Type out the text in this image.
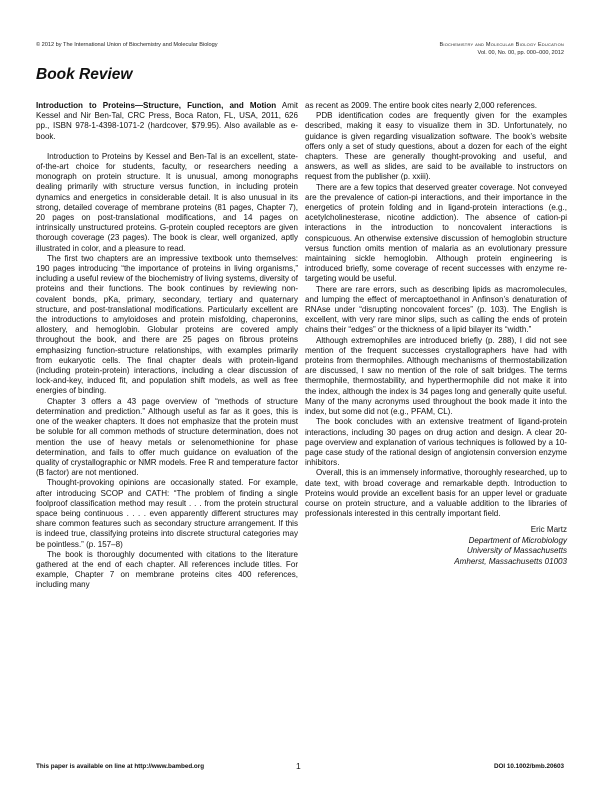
© 2012 by The International Union of Biochemistry and Molecular Biology	Biochemistry and Molecular Biology Education
Vol. 00, No. 00, pp. 000–000, 2012
Book Review

Introduction to Proteins—Structure, Function, and Motion Amit Kessel and Nir Ben-Tal, CRC Press, Boca Raton, FL, USA, 2011, 626 pp., ISBN 978-1-4398-1071-2 (hardcover, $79.95). Also available as e-book.

Introduction to Proteins by Kessel and Ben-Tal is an excellent, state-of-the-art choice for students, faculty, or researchers needing a monograph on protein structure. It is unusual, among monographs dealing primarily with structure versus function, in including protein dynamics and energetics in considerable detail. It is also unusual in its strong, detailed coverage of membrane proteins (81 pages, Chapter 7), 20 pages on post-translational modifications, and 14 pages on intrinsically unstructured proteins. G-protein coupled receptors are given thorough coverage (23 pages). The book is clear, well organized, aptly illustrated in color, and a pleasure to read.

The first two chapters are an impressive textbook unto themselves: 190 pages introducing “the importance of proteins in living organisms,” including a useful review of the biochemistry of living systems, diversity of proteins and their functions. The book continues by reviewing non-covalent bonds, pKa, primary, secondary, tertiary and quaternary structure, and post-translational modifications. Particularly excellent are the introductions to amyloidoses and protein misfolding, chaperonins, allostery, and hemoglobin. Globular proteins are covered amply throughout the book, and there are 25 pages on fibrous proteins emphasizing function-structure relationships, with examples primarily from eukaryotic cells. The final chapter deals with protein-ligand (including protein-protein) interactions, including a clear discussion of lock-and-key, induced fit, and population shift models, as well as free energies of binding.

Chapter 3 offers a 43 page overview of “methods of structure determination and prediction.” Although useful as far as it goes, this is one of the weaker chapters. It does not emphasize that the protein must be soluble for all common methods of structure determination, does not mention the use of heavy metals or selenomethionine for phase determination, and fails to offer much guidance on evaluation of the quality of crystallographic or NMR models. Free R and temperature factor (B factor) are not mentioned.

Thought-provoking opinions are occasionally stated. For example, after introducing SCOP and CATH: “The problem of finding a single foolproof classification method may result . . . from the protein structural space being continuous . . . . even apparently different structures may share common features such as secondary structure arrangement. If this is indeed true, classifying proteins into discrete structural categories may be pointless.” (p. 157–8)

The book is thoroughly documented with citations to the literature gathered at the end of each chapter. All references include titles. For example, Chapter 7 on membrane proteins cites 400 references, including many

as recent as 2009. The entire book cites nearly 2,000 references.

PDB identification codes are frequently given for the examples described, making it easy to visualize them in 3D. Unfortunately, no guidance is given regarding visualization software. The book’s website offers only a set of study questions, about a dozen for each of the eight chapters. These are generally thought-provoking and useful, and answers, as well as slides, are said to be available to instructors on request from the publisher (p. xxiii).

There are a few topics that deserved greater coverage. Not conveyed are the prevalence of cation-pi interactions, and their importance in the energetics of protein folding and in ligand-protein interactions (e.g., acetylcholinesterase, nicotine addiction). The absence of cation-pi interactions in the introduction to noncovalent interactions is conspicuous. An otherwise extensive discussion of hemoglobin structure versus function omits mention of malaria as an evolutionary pressure maintaining sickle hemoglobin. Although protein engineering is introduced briefly, some coverage of recent successes with enzyme re-targeting would be useful.

There are rare errors, such as describing lipids as macromolecules, and lumping the effect of mercaptoethanol in Anfinson’s denaturation of RNAse under “disrupting noncovalent forces” (p. 103). The English is excellent, with very rare minor slips, such as calling the ends of protein chains their “edges” or the thickness of a lipid bilayer its “width.”

Although extremophiles are introduced briefly (p. 288), I did not see mention of the frequent successes crystallographers have had with proteins from thermophiles. Although mechanisms of thermostabilization are discussed, I saw no mention of the role of salt bridges. The terms thermophile, thermostability, and hyperthermophile did not make it into the index, although the index is 34 pages long and generally quite useful. Many of the many acronyms used throughout the book made it into the index, but some did not (e.g., PFAM, CL).

The book concludes with an extensive treatment of ligand-protein interactions, including 30 pages on drug action and design. A clear 20-page overview and explanation of various techniques is followed by a 10-page case study of the rational design of angiotensin conversion enzyme inhibitors.

Overall, this is an immensely informative, thoroughly researched, up to date text, with broad coverage and remarkable depth. Introduction to Proteins would provide an excellent basis for an upper level or graduate course on protein structure, and a valuable addition to the libraries of professionals interested in this centrally important field.

Eric Martz
Department of Microbiology
University of Massachusetts
Amherst, Massachusetts 01003
This paper is available on line at http://www.bambed.org	1	DOI 10.1002/bmb.20603
